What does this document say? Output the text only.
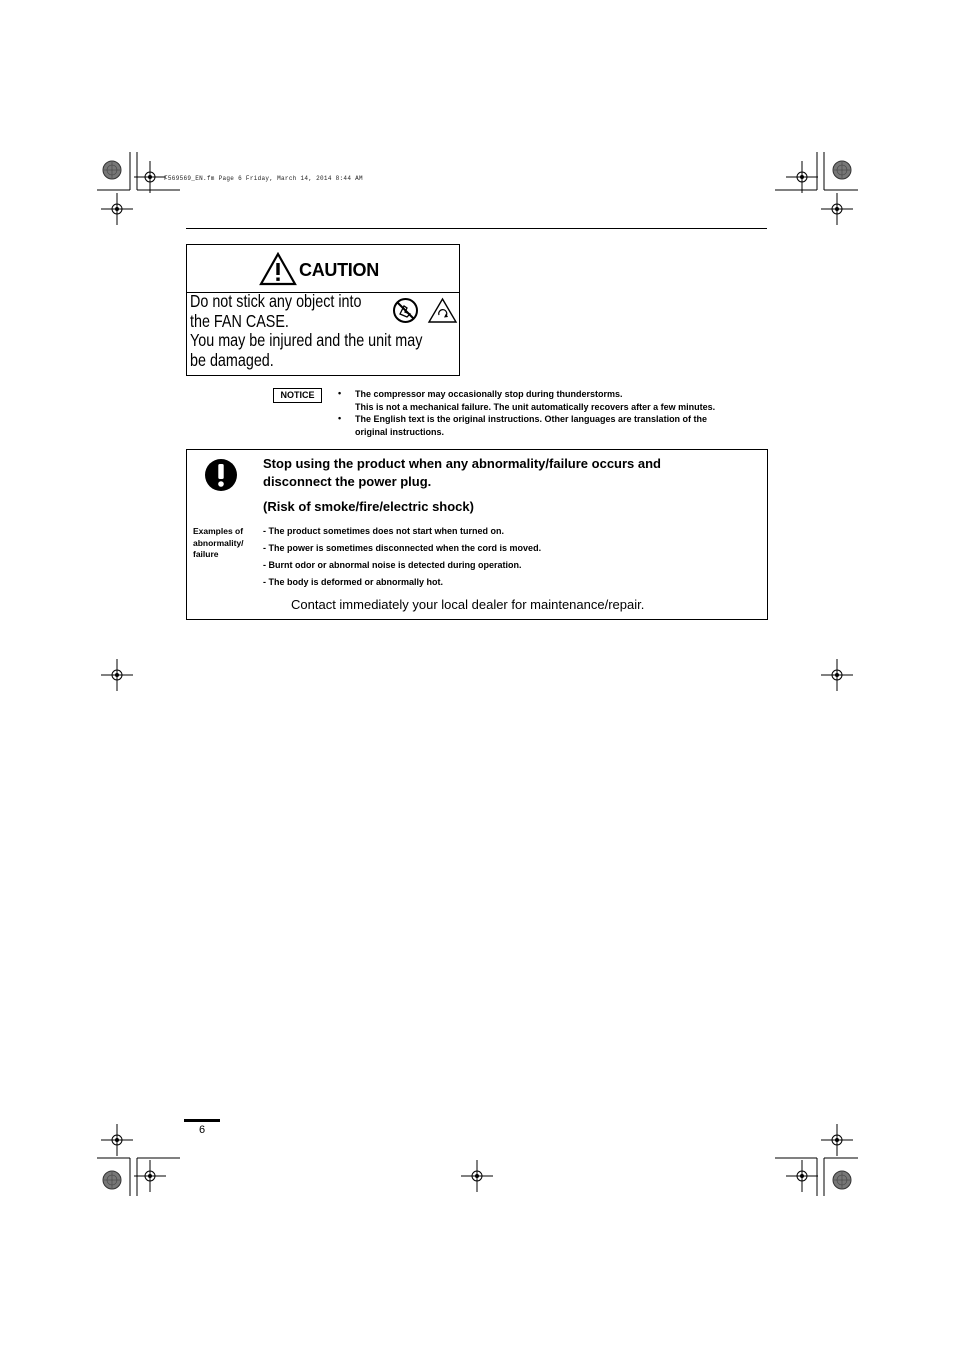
F569569_EN.fm Page 6 Friday, March 14, 2014 8:44 AM
CAUTION
Do not stick any object into
the FAN CASE.
You may be injured and the unit may
be damaged.
NOTICE	• The compressor may occasionally stop during thunderstorms.
This is not a mechanical failure. The unit automatically recovers after a few minutes.
• The English text is the original instructions. Other languages are translation of the
original instructions.
Stop using the product when any abnormality/failure occurs and
disconnect the power plug.
(Risk of smoke/fire/electric shock)
Examples of
abnormality/
failure
- The product sometimes does not start when turned on.
- The power is sometimes disconnected when the cord is moved.
- Burnt odor or abnormal noise is detected during operation.
- The body is deformed or abnormally hot.
Contact immediately your local dealer for maintenance/repair.
6
